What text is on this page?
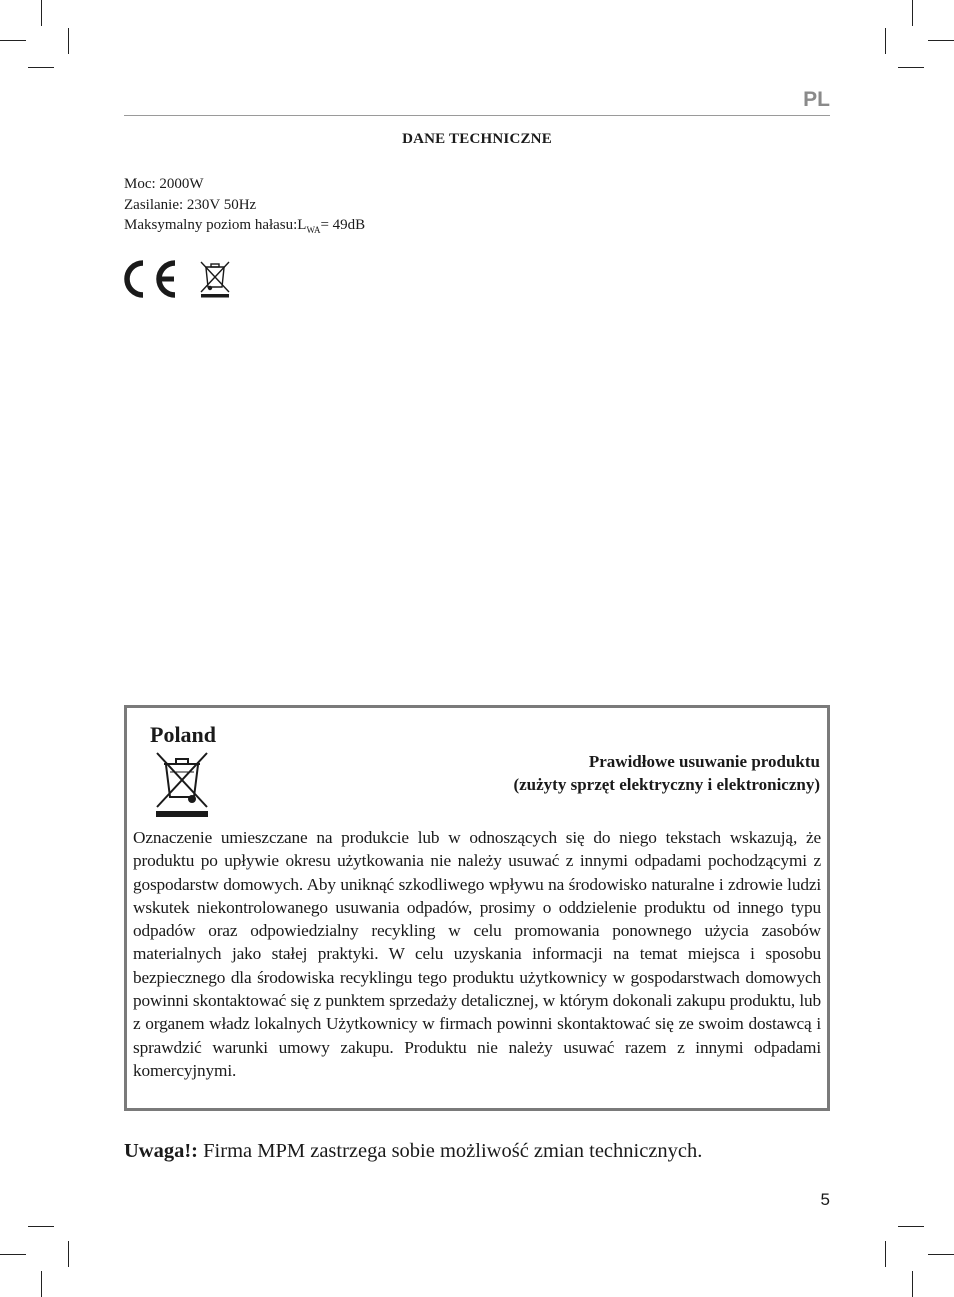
PL
DANE TECHNICZNE
Moc: 2000W
Zasilanie: 230V 50Hz
Maksymalny poziom $hałasu:L_{WA}= 49dB$
Poland
Prawidłowe usuwanie produktu
(zużyty sprzęt elektryczny i elektroniczny)
Oznaczenie umieszczane na produkcie lub w odnoszących się do niego tekstach wskazują, że produktu po upływie okresu użytkowania nie należy usuwać z innymi odpadami pochodzącymi z gospodarstw domowych. Aby uniknąć szkodliwego wpływu na środowisko naturalne i zdrowie ludzi wskutek niekontrolowanego usuwania odpadów, prosimy o oddzielenie produktu od innego typu odpadów oraz odpowiedzialny recykling w celu promowania ponownego użycia zasobów materialnych jako stałej praktyki. W celu uzyskania informacji na temat miejsca i sposobu bezpiecznego dla środowiska recyklingu tego produktu użytkownicy w gospodarstwach domowych powinni skontaktować się z punktem sprzedaży detalicznej, w którym dokonali zakupu produktu, lub z organem władz lokalnych Użytkownicy w firmach powinni skontaktować się ze swoim dostawcą i sprawdzić warunki umowy zakupu. Produktu nie należy usuwać razem z innymi odpadami komercyjnymi.
Uwaga!: Firma MPM zastrzega sobie możliwość zmian technicznych.
5
